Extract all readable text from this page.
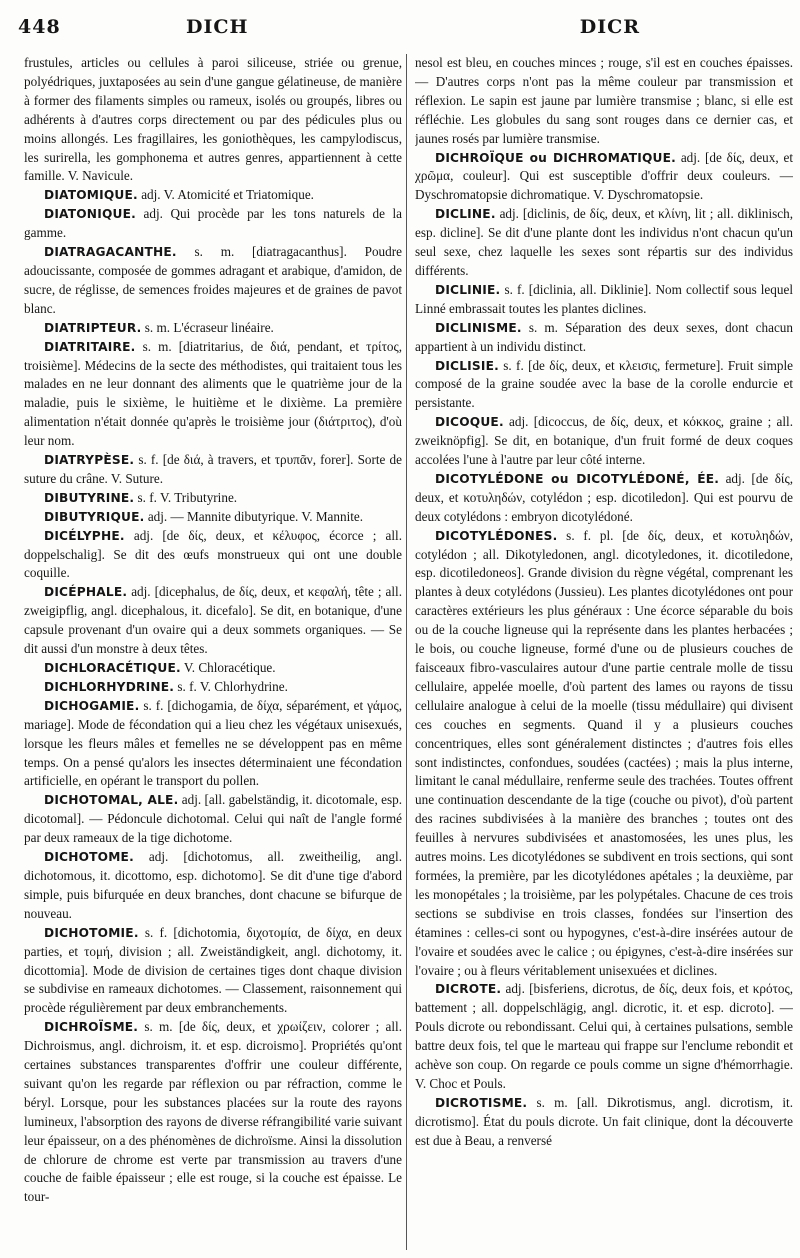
448	DICH	DICR

frustules, articles ou cellules à paroi siliceuse, striée ou grenue, polyédriques, juxtaposées au sein d'une gangue gélatineuse, de manière à former des filaments simples ou rameux, isolés ou groupés, libres ou adhérents à d'autres corps directement ou par des pédicules plus ou moins allongés. Les fragillaires, les goniothèques, les campylodiscus, les surirella, les gomphonema et autres genres, appartiennent à cette famille. V. Navicule.

DIATOMIQUE. adj. V. Atomicité et Triatomique.

DIATONIQUE. adj. Qui procède par les tons naturels de la gamme.

DIATRAGACANTHE. s. m. [diatragacanthus]. Poudre adoucissante, composée de gommes adragant et arabique, d'amidon, de sucre, de réglisse, de semences froides majeures et de graines de pavot blanc.

DIATRIPTEUR. s. m. L'écraseur linéaire.

DIATRITAIRE. s. m. [diatritarius, de διά, pendant, et τρίτος, troisième]. Médecins de la secte des méthodistes, qui traitaient tous les malades en ne leur donnant des aliments que le quatrième jour de la maladie, puis le sixième, le huitième et le dixième. La première alimentation n'était donnée qu'après le troisième jour (διάτριτος), d'où leur nom.

DIATRYPÈSE. s. f. [de διά, à travers, et τρυπᾶν, forer]. Sorte de suture du crâne. V. Suture.

DIBUTYRINE. s. f. V. Tributyrine.

DIBUTYRIQUE. adj. — Mannite dibutyrique. V. Mannite.

DICÉLYPHE. adj. [de δίς, deux, et κέλυφος, écorce ; all. doppelschalig]. Se dit des œufs monstrueux qui ont une double coquille.

DICÉPHALE. adj. [dicephalus, de δίς, deux, et κεφαλή, tête ; all. zweigipflig, angl. dicephalous, it. dicefalo]. Se dit, en botanique, d'une capsule provenant d'un ovaire qui a deux sommets organiques. — Se dit aussi d'un monstre à deux têtes.

DICHLORACÉTIQUE. V. Chloracétique.

DICHLORHYDRINE. s. f. V. Chlorhydrine.

DICHOGAMIE. s. f. [dichogamia, de δίχα, séparément, et γάμος, mariage]. Mode de fécondation qui a lieu chez les végétaux unisexués, lorsque les fleurs mâles et femelles ne se développent pas en même temps. On a pensé qu'alors les insectes déterminaient une fécondation artificielle, en opérant le transport du pollen.

DICHOTOMAL, ALE. adj. [all. gabelständig, it. dicotomale, esp. dicotomal]. — Pédoncule dichotomal. Celui qui naît de l'angle formé par deux rameaux de la tige dichotome.

DICHOTOME. adj. [dichotomus, all. zweitheilig, angl. dichotomous, it. dicottomo, esp. dichotomo]. Se dit d'une tige d'abord simple, puis bifurquée en deux branches, dont chacune se bifurque de nouveau.

DICHOTOMIE. s. f. [dichotomia, διχοτομία, de δίχα, en deux parties, et τομή, division ; all. Zweiständigkeit, angl. dichotomy, it. dicottomia]. Mode de division de certaines tiges dont chaque division se subdivise en rameaux dichotomes. — Classement, raisonnement qui procède régulièrement par deux embranchements.

DICHROÏSME. s. m. [de δίς, deux, et χρωίζειν, colorer ; all. Dichroismus, angl. dichroism, it. et esp. dicroismo]. Propriétés qu'ont certaines substances transparentes d'offrir une couleur différente, suivant qu'on les regarde par réflexion ou par réfraction, comme le béryl. Lorsque, pour les substances placées sur la route des rayons lumineux, l'absorption des rayons de diverse réfrangibilité varie suivant leur épaisseur, on a des phénomènes de dichroïsme. Ainsi la dissolution de chlorure de chrome est verte par transmission au travers d'une couche de faible épaisseur ; elle est rouge, si la couche est épaisse. Le tour-

nesol est bleu, en couches minces ; rouge, s'il est en couches épaisses. — D'autres corps n'ont pas la même couleur par transmission et réflexion. Le sapin est jaune par lumière transmise ; blanc, si elle est réfléchie. Les globules du sang sont rouges dans ce dernier cas, et jaunes rosés par lumière transmise.

DICHROÏQUE ou DICHROMATIQUE. adj. [de δίς, deux, et χρῶμα, couleur]. Qui est susceptible d'offrir deux couleurs. — Dyschromatopsie dichromatique. V. Dyschromatopsie.

DICLINE. adj. [diclinis, de δίς, deux, et κλίνη, lit ; all. diklinisch, esp. dicline]. Se dit d'une plante dont les individus n'ont chacun qu'un seul sexe, chez laquelle les sexes sont répartis sur des individus différents.

DICLINIE. s. f. [diclinia, all. Diklinie]. Nom collectif sous lequel Linné embrassait toutes les plantes diclines.

DICLINISME. s. m. Séparation des deux sexes, dont chacun appartient à un individu distinct.

DICLISIE. s. f. [de δίς, deux, et κλεισις, fermeture]. Fruit simple composé de la graine soudée avec la base de la corolle endurcie et persistante.

DICOQUE. adj. [dicoccus, de δίς, deux, et κόκκος, graine ; all. zweiknöpfig]. Se dit, en botanique, d'un fruit formé de deux coques accolées l'une à l'autre par leur côté interne.

DICOTYLÉDONE ou DICOTYLÉDONÉ, ÉE. adj. [de δίς, deux, et κοτυληδών, cotylédon ; esp. dicotiledon]. Qui est pourvu de deux cotylédons : embryon dicotylédoné.

DICOTYLÉDONES. s. f. pl. [de δίς, deux, et κοτυληδών, cotylédon ; all. Dikotyledonen, angl. dicotyledones, it. dicotiledone, esp. dicotiledoneos]. Grande division du règne végétal, comprenant les plantes à deux cotylédons (Jussieu). Les plantes dicotylédones ont pour caractères extérieurs les plus généraux : Une écorce séparable du bois ou de la couche ligneuse qui la représente dans les plantes herbacées ; le bois, ou couche ligneuse, formé d'une ou de plusieurs couches de faisceaux fibro-vasculaires autour d'une partie centrale molle de tissu cellulaire, appelée moelle, d'où partent des lames ou rayons de tissu cellulaire analogue à celui de la moelle (tissu médullaire) qui divisent ces couches en segments. Quand il y a plusieurs couches concentriques, elles sont généralement distinctes ; d'autres fois elles sont indistinctes, confondues, soudées (cactées) ; mais la plus interne, limitant le canal médullaire, renferme seule des trachées. Toutes offrent une continuation descendante de la tige (couche ou pivot), d'où partent des racines subdivisées à la manière des branches ; toutes ont des feuilles à nervures subdivisées et anastomosées, les unes plus, les autres moins. Les dicotylédones se subdivent en trois sections, qui sont formées, la première, par les dicotylédones apétales ; la deuxième, par les monopétales ; la troisième, par les polypétales. Chacune de ces trois sections se subdivise en trois classes, fondées sur l'insertion des étamines : celles-ci sont ou hypogynes, c'est-à-dire insérées autour de l'ovaire et soudées avec le calice ; ou épigynes, c'est-à-dire insérées sur l'ovaire ; ou à fleurs véritablement unisexuées et diclines.

DICROTE. adj. [bisferiens, dicrotus, de δίς, deux fois, et κρότος, battement ; all. doppelschlägig, angl. dicrotic, it. et esp. dicroto]. — Pouls dicrote ou rebondissant. Celui qui, à certaines pulsations, semble battre deux fois, tel que le marteau qui frappe sur l'enclume rebondit et achève son coup. On regarde ce pouls comme un signe d'hémorrhagie. V. Choc et Pouls.

DICROTISME. s. m. [all. Dikrotismus, angl. dicrotism, it. dicrotismo]. État du pouls dicrote. Un fait clinique, dont la découverte est due à Beau, a renversé
